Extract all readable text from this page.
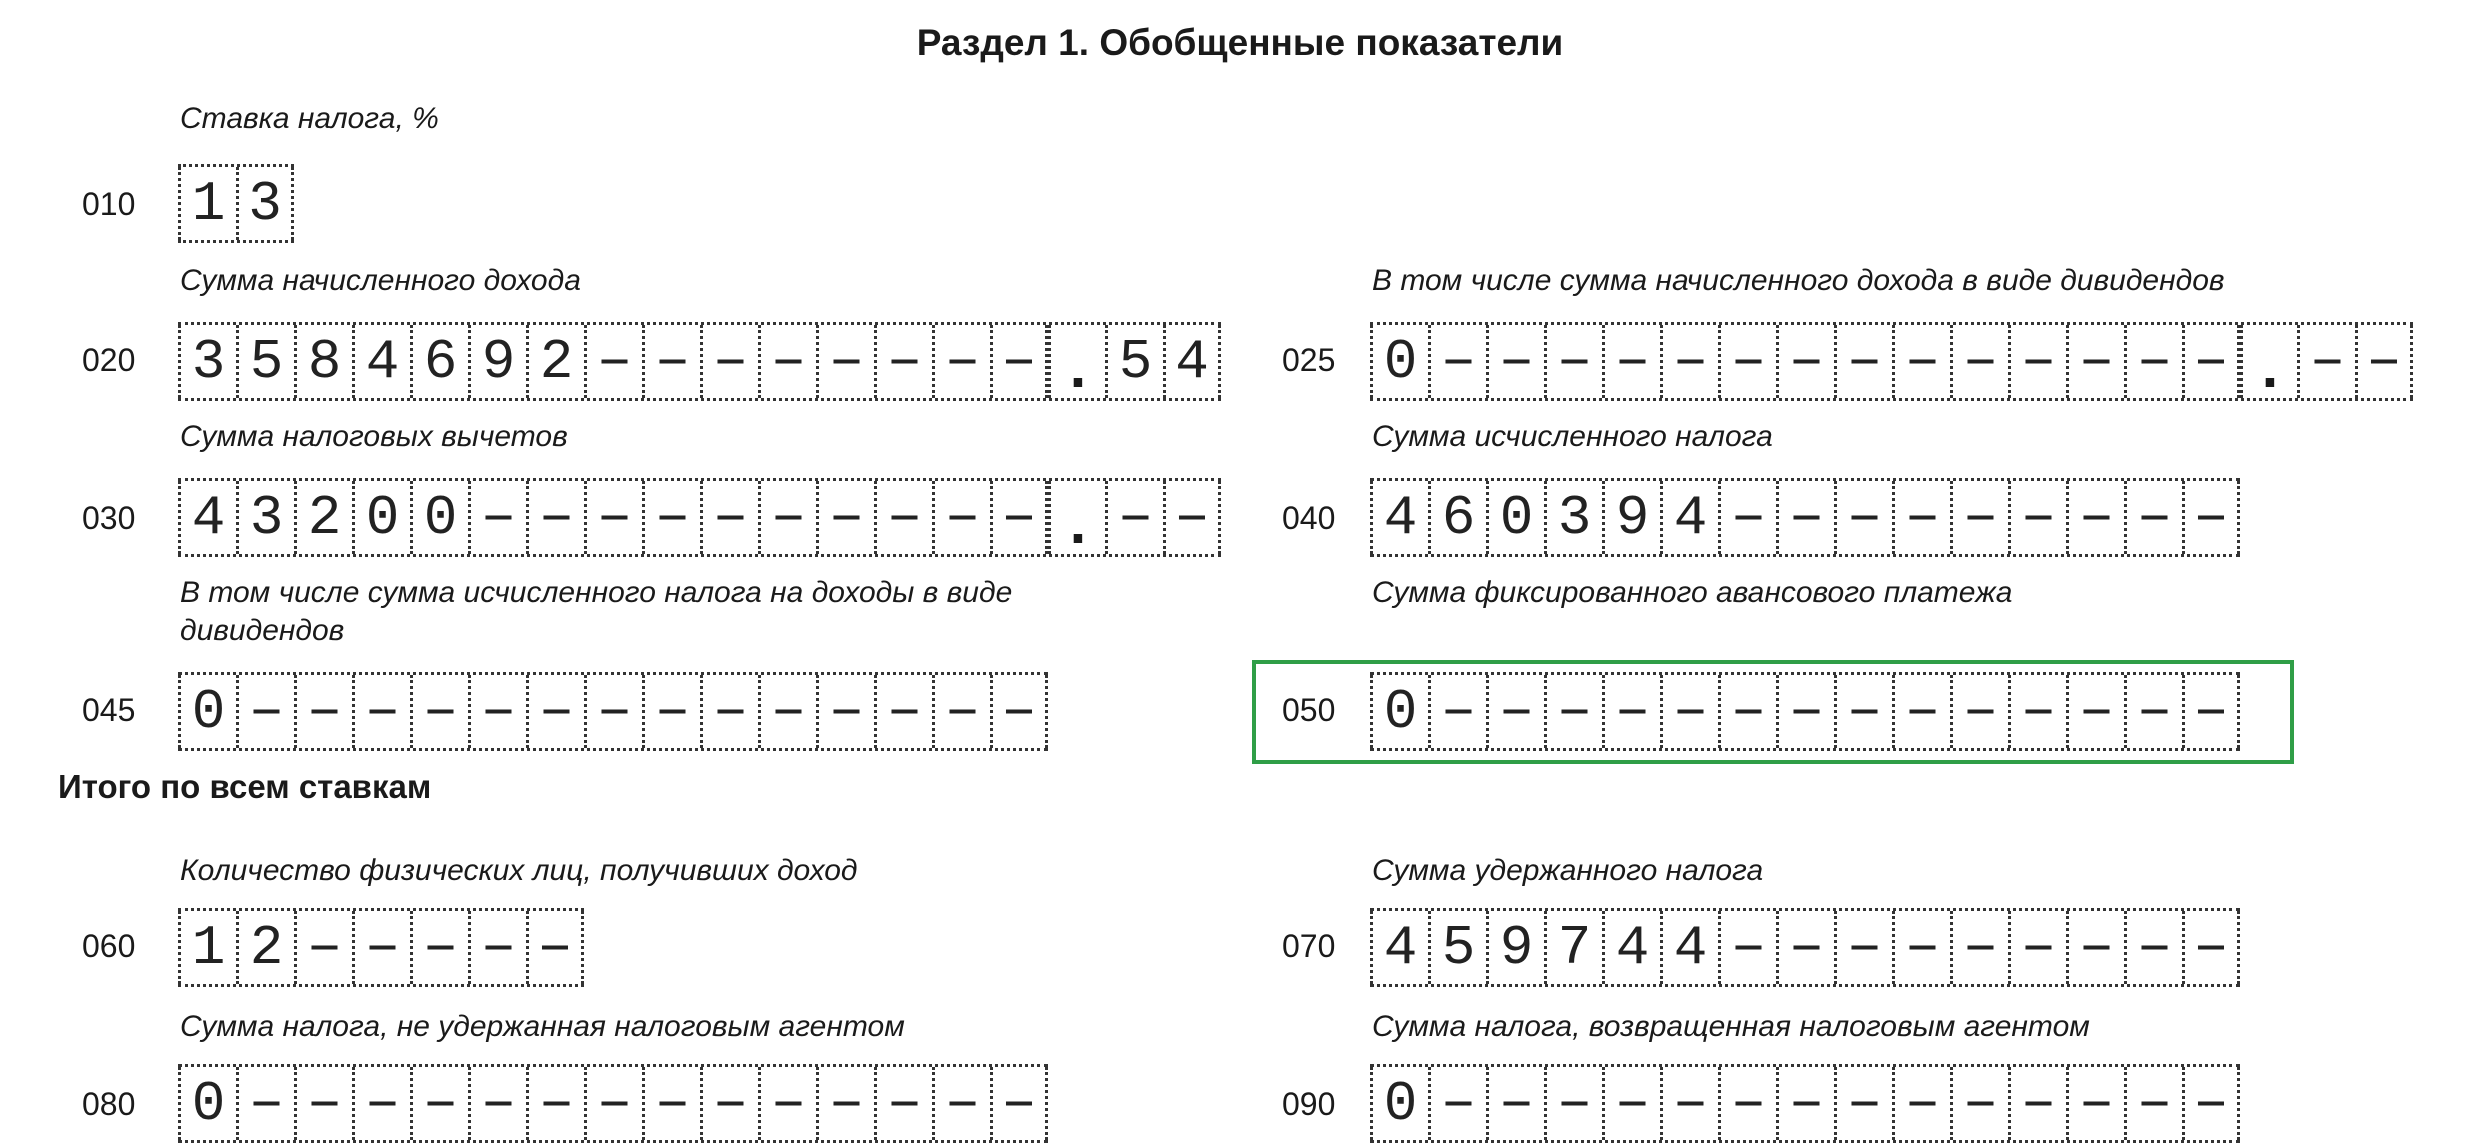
Раздел 1. Обобщенные показатели
Итого по всем ставкам
Ставка налога, %
010 1 3
Сумма начисленного дохода
020 3 5 8 4 6 9 2 – – – – – – – – . 5 4
В том числе сумма начисленного дохода в виде дивидендов
025 0 – – – – – – – – – – – – – – . – –
Сумма налоговых вычетов
030 4 3 2 0 0 – – – – – – – – – – . – –
Сумма исчисленного налога
040 4 6 0 3 9 4 – – – – – – – – –
В том числе сумма исчисленного налога на доходы в виде дивидендов
045 0 – – – – – – – – – – – – – –
Сумма фиксированного авансового платежа
050 0 – – – – – – – – – – – – – –
Количество физических лиц, получивших доход
060 1 2 – – – – –
Сумма удержанного налога
070 4 5 9 7 4 4 – – – – – – – – –
Сумма налога, не удержанная налоговым агентом
080 0 – – – – – – – – – – – – – –
Сумма налога, возвращенная налоговым агентом
090 0 – – – – – – – – – – – – – –
